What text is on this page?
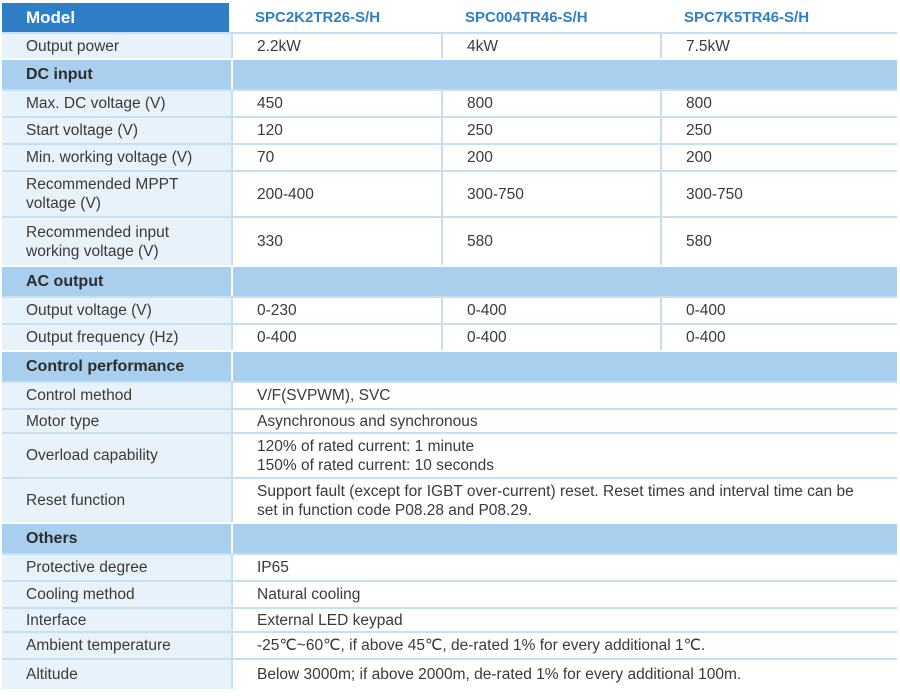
Model	SPC2K2TR26-S/H	SPC004TR46-S/H	SPC7K5TR46-S/H
Output power	2.2kW	4kW	7.5kW
DC input			
Max. DC voltage (V)	450	800	800
Start voltage (V)	120	250	250
Min. working voltage (V)	70	200	200
Recommended MPPT
voltage (V)	200-400	300-750	300-750
Recommended input
working voltage (V)	330	580	580
AC output			
Output voltage (V)	0-230	0-400	0-400
Output frequency (Hz)	0-400	0-400	0-400
Control performance			
Control method	V/F(SVPWM), SVC		
Motor type	Asynchronous and synchronous		
Overload capability	120% of rated current: 1 minute
150% of rated current: 10 seconds		
Reset function	Support fault (except for IGBT over-current) reset. Reset times and interval time can be
set in function code P08.28 and P08.29.		
Others			
Protective degree	IP65		
Cooling method	Natural cooling		
Interface	External LED keypad		
Ambient temperature	-25℃~60℃, if above 45℃, de-rated 1% for every additional 1℃.		
Altitude	Below 3000m; if above 2000m, de-rated 1% for every additional 100m.		
